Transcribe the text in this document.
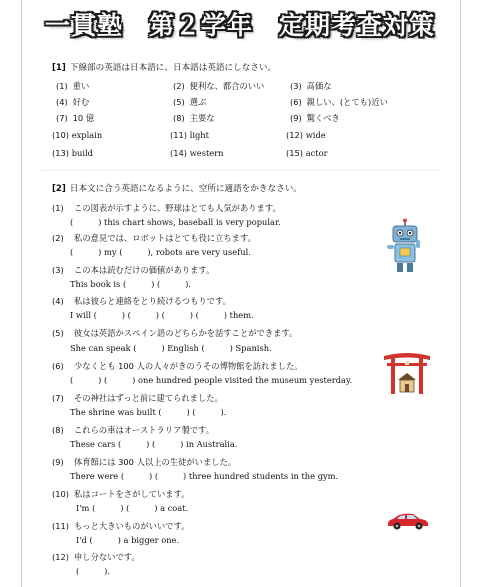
一貫塾　第２学年　定期考査対策
[1] 下線部の英語は日本語に、日本語は英語にしなさい。
(1) 重い	(2) 便利な、都合のいい	(3) 高価な
(4) 好む	(5) 選ぶ	(6) 親しい、(とても)近い
(7) 10 億	(8) 主要な	(9) 驚くべき
(10) explain	(11) light	(12) wide
(13) build	(14) western	(15) actor
[2] 日本文に合う英語になるように、空所に適語をかきなさい。
(1) この図表が示すように、野球はとても人気があります。
(　　　) this chart shows, baseball is very popular.
(2) 私の意見では、ロボットはとても役に立ちます。
(　　　) my (　　　), robots are very useful.
(3) この本は読むだけの価値があります。
This book is (　　　) (　　　).
(4) 私は彼らと連絡をとり続けるつもりです。
I will (　　　) (　　　) (　　　) (　　　) them.
(5) 彼女は英語かスペイン語のどちらかを話すことができます。
She can speak (　　　) English (　　　) Spanish.
(6) 少なくとも 100 人の人々がきのうその博物館を訪れました。
(　　　) (　　　) one hundred people visited the museum yesterday.
(7) その神社はずっと前に建てられました。
The shrine was built (　　　) (　　　).
(8) これらの車はオーストラリア製です。
These cars (　　　) (　　　) in Australia.
(9) 体育館には 300 人以上の生徒がいました。
There were (　　　) (　　　) three hundred students in the gym.
(10) 私はコートをさがしています。
I'm (　　　) (　　　) a coat.
(11) もっと大きいものがいいです。
I'd (　　　) a bigger one.
(12) 申し分ないです。
(　　　).
